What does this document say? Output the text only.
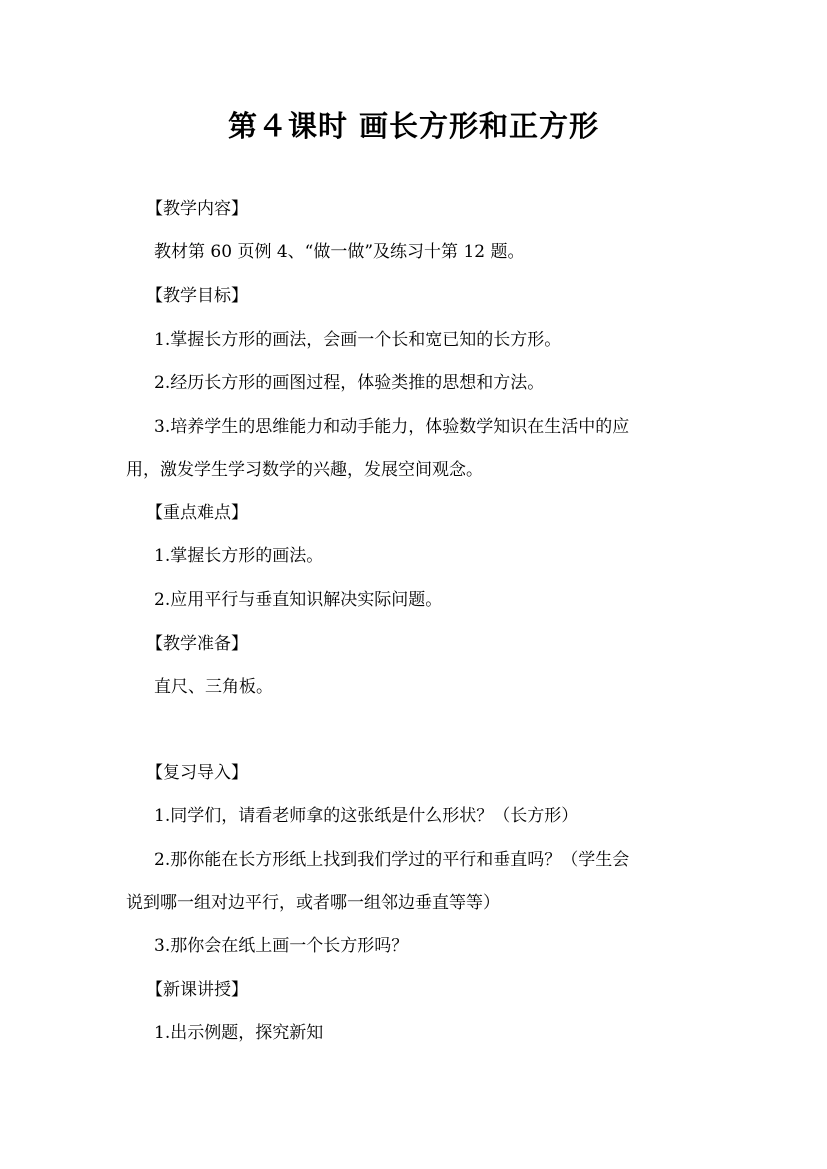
第４课时 画长方形和正方形

【教学内容】

教材第 60 页例 4、“做一做”及练习十第 12 题。

【教学目标】

1.掌握长方形的画法，会画一个长和宽已知的长方形。

2.经历长方形的画图过程，体验类推的思想和方法。

3.培养学生的思维能力和动手能力，体验数学知识在生活中的应

用，激发学生学习数学的兴趣，发展空间观念。

【重点难点】

1.掌握长方形的画法。

2.应用平行与垂直知识解决实际问题。

【教学准备】

直尺、三角板。

【复习导入】

1.同学们，请看老师拿的这张纸是什么形状？（长方形）

2.那你能在长方形纸上找到我们学过的平行和垂直吗？（学生会

说到哪一组对边平行，或者哪一组邻边垂直等等）

3.那你会在纸上画一个长方形吗？

【新课讲授】

1.出示例题，探究新知
